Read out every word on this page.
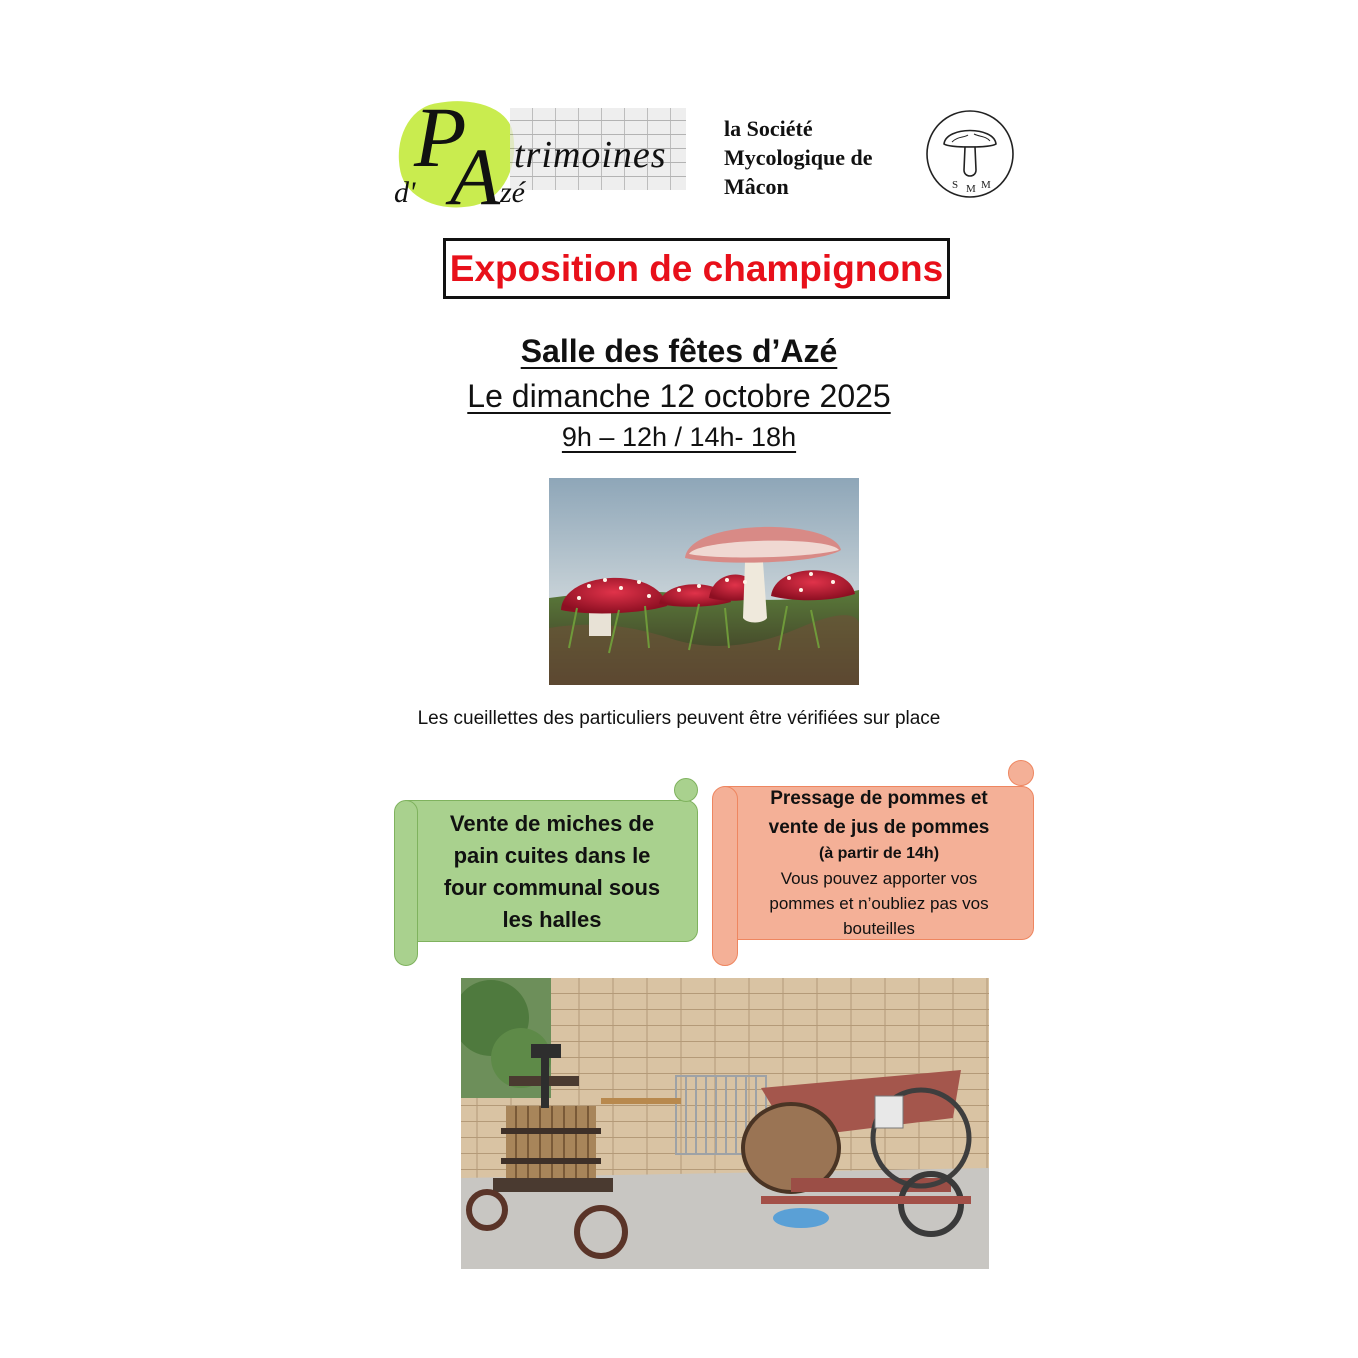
P
A trimoines
d'	zé
la Société
Mycologique de
Mâcon	S M M
Exposition de champignons
Salle des fêtes d’Azé
Le dimanche 12 octobre 2025
9h – 12h / 14h- 18h
Les cueillettes des particuliers peuvent être vérifiées sur place
Vente de miches de
pain cuites dans le
four communal sous
les halles
Pressage de pommes et
vente de jus de pommes
(à partir de 14h)
Vous pouvez apporter vos
pommes et n’oubliez pas vos
bouteilles
